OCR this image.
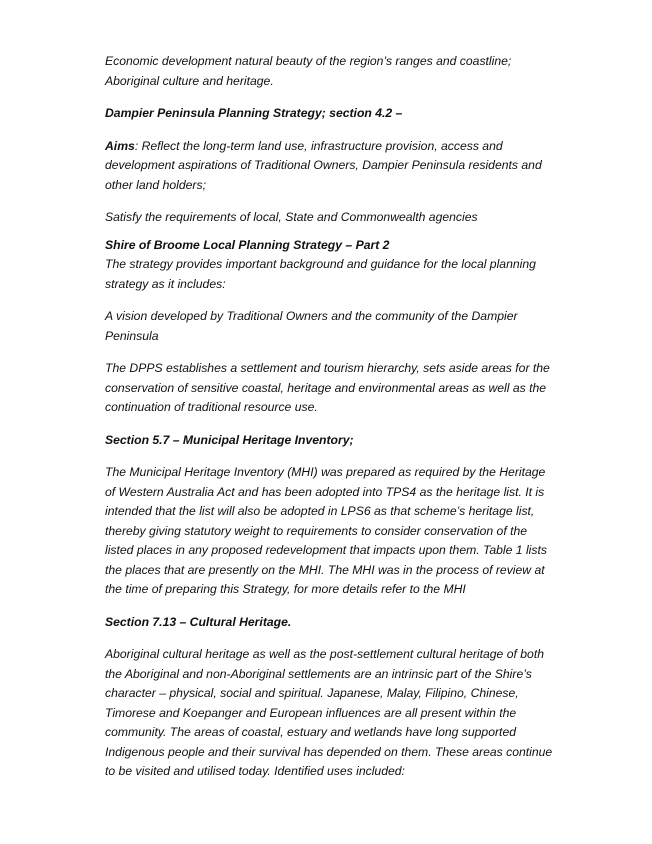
Economic development natural beauty of the region’s ranges and coastline; Aboriginal culture and heritage.

Dampier Peninsula Planning Strategy; section 4.2 –

Aims: Reflect the long-term land use, infrastructure provision, access and development aspirations of Traditional Owners, Dampier Peninsula residents and other land holders;

Satisfy the requirements of local, State and Commonwealth agencies

Shire of Broome Local Planning Strategy – Part 2

The strategy provides important background and guidance for the local planning strategy as it includes:

A vision developed by Traditional Owners and the community of the Dampier Peninsula

The DPPS establishes a settlement and tourism hierarchy, sets aside areas for the conservation of sensitive coastal, heritage and environmental areas as well as the continuation of traditional resource use.

Section 5.7 – Municipal Heritage Inventory;

The Municipal Heritage Inventory (MHI) was prepared as required by the Heritage of Western Australia Act and has been adopted into TPS4 as the heritage list. It is intended that the list will also be adopted in LPS6 as that scheme’s heritage list, thereby giving statutory weight to requirements to consider conservation of the listed places in any proposed redevelopment that impacts upon them. Table 1 lists the places that are presently on the MHI. The MHI was in the process of review at the time of preparing this Strategy, for more details refer to the MHI

Section 7.13 – Cultural Heritage.

Aboriginal cultural heritage as well as the post-settlement cultural heritage of both the Aboriginal and non-Aboriginal settlements are an intrinsic part of the Shire’s character – physical, social and spiritual. Japanese, Malay, Filipino, Chinese, Timorese and Koepanger and European influences are all present within the community. The areas of coastal, estuary and wetlands have long supported Indigenous people and their survival has depended on them. These areas continue to be visited and utilised today. Identified uses included:
